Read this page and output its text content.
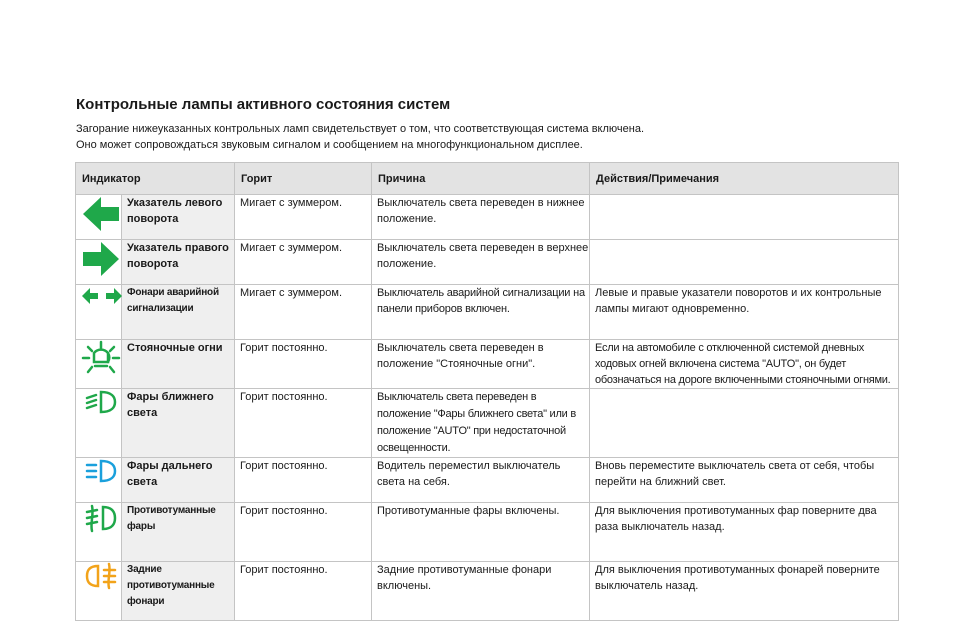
Контрольные лампы активного состояния систем
Загорание нижеуказанных контрольных ламп свидетельствует о том, что соответствующая система включена.
Оно может сопровождаться звуковым сигналом и сообщением на многофункциональном дисплее.
Индикатор		Горит	Причина	Действия/Примечания

	Указатель левого поворота	Мигает с зуммером.	Выключатель света переведен в нижнее положение.	

	Указатель правого поворота	Мигает с зуммером.	Выключатель света переведен в верхнее положение.	

	Фонари аварийной сигнализации	Мигает с зуммером.	Выключатель аварийной сигнализации на панели приборов включен.	Левые и правые указатели поворотов и их контрольные лампы мигают одновременно.

	Стояночные огни	Горит постоянно.	Выключатель света переведен в положение "Стояночные огни".	Если на автомобиле с отключенной системой дневных ходовых огней включена система "AUTO", он будет обозначаться на дороге включенными стояночными огнями.

	Фары ближнего света	Горит постоянно.	Выключатель света переведен в положение "Фары ближнего света" или в положение "AUTO" при недостаточной освещенности.	

	Фары дальнего света	Горит постоянно.	Водитель переместил выключатель света на себя.	Вновь переместите выключатель света от себя, чтобы перейти на ближний свет.

	Противотуманные фары	Горит постоянно.	Противотуманные фары включены.	Для выключения противотуманных фар поверните два раза выключатель назад.

	Задние противотуманные фонари	Горит постоянно.	Задние противотуманные фонари включены.	Для выключения противотуманных фонарей поверните выключатель назад.
